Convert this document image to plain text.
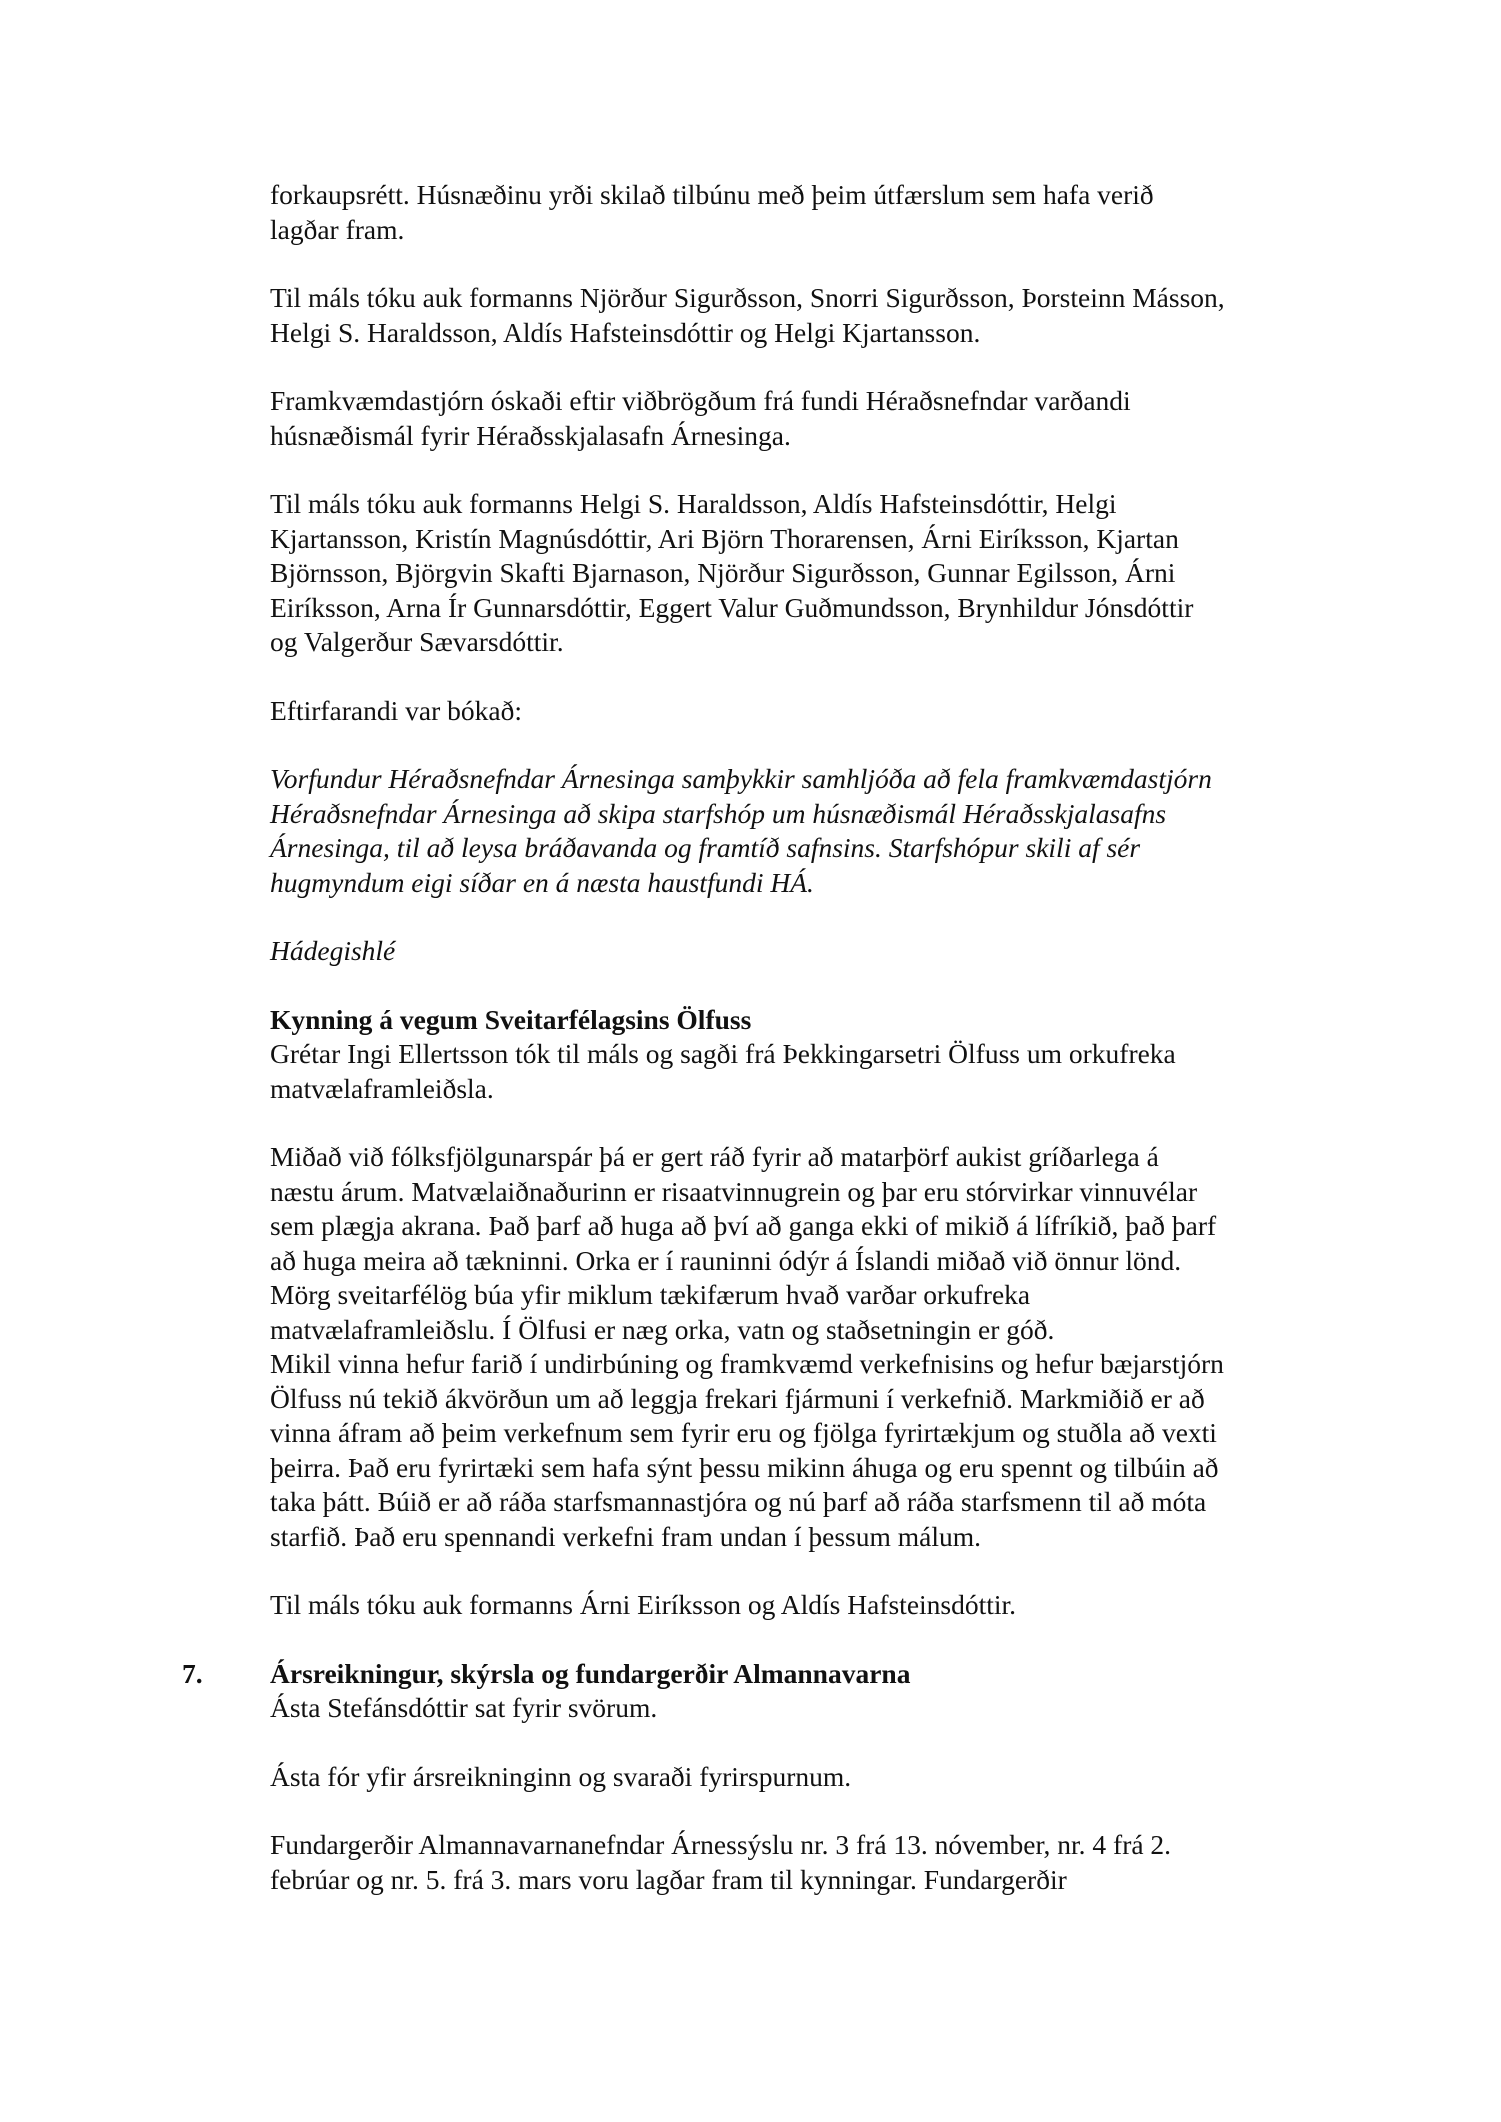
forkaupsrétt. Húsnæðinu yrði skilað tilbúnu með þeim útfærslum sem hafa verið
lagðar fram.
Til máls tóku auk formanns Njörður Sigurðsson, Snorri Sigurðsson, Þorsteinn Másson,
Helgi S. Haraldsson, Aldís Hafsteinsdóttir og Helgi Kjartansson.
Framkvæmdastjórn óskaði eftir viðbrögðum frá fundi Héraðsnefndar varðandi
húsnæðismál fyrir Héraðsskjalasafn Árnesinga.
Til máls tóku auk formanns Helgi S. Haraldsson, Aldís Hafsteinsdóttir, Helgi
Kjartansson, Kristín Magnúsdóttir, Ari Björn Thorarensen, Árni Eiríksson, Kjartan
Björnsson, Björgvin Skafti Bjarnason, Njörður Sigurðsson, Gunnar Egilsson, Árni
Eiríksson, Arna Ír Gunnarsdóttir, Eggert Valur Guðmundsson, Brynhildur Jónsdóttir
og Valgerður Sævarsdóttir.
Eftirfarandi var bókað:
Vorfundur Héraðsnefndar Árnesinga samþykkir samhljóða að fela framkvæmdastjórn
Héraðsnefndar Árnesinga að skipa starfshóp um húsnæðismál Héraðsskjalasafns
Árnesinga, til að leysa bráðavanda og framtíð safnsins. Starfshópur skili af sér
hugmyndum eigi síðar en á næsta haustfundi HÁ.
Hádegishlé
Kynning á vegum Sveitarfélagsins Ölfuss
Grétar Ingi Ellertsson tók til máls og sagði frá Þekkingarsetri Ölfuss um orkufreka
matvælaframleiðsla.
Miðað við fólksfjölgunarspár þá er gert ráð fyrir að matarþörf aukist gríðarlega á
næstu árum. Matvælaiðnaðurinn er risaatvinnugrein og þar eru stórvirkar vinnuvélar
sem plægja akrana. Það þarf að huga að því að ganga ekki of mikið á lífríkið, það þarf
að huga meira að tækninni. Orka er í rauninni ódýr á Íslandi miðað við önnur lönd.
Mörg sveitarfélög búa yfir miklum tækifærum hvað varðar orkufreka
matvælaframleiðslu. Í Ölfusi er næg orka, vatn og staðsetningin er góð.
Mikil vinna hefur farið í undirbúning og framkvæmd verkefnisins og hefur bæjarstjórn
Ölfuss nú tekið ákvörðun um að leggja frekari fjármuni í verkefnið. Markmiðið er að
vinna áfram að þeim verkefnum sem fyrir eru og fjölga fyrirtækjum og stuðla að vexti
þeirra. Það eru fyrirtæki sem hafa sýnt þessu mikinn áhuga og eru spennt og tilbúin að
taka þátt. Búið er að ráða starfsmannastjóra og nú þarf að ráða starfsmenn til að móta
starfið. Það eru spennandi verkefni fram undan í þessum málum.
Til máls tóku auk formanns Árni Eiríksson og Aldís Hafsteinsdóttir.
7. Ársreikningur, skýrsla og fundargerðir Almannavarna
Ásta Stefánsdóttir sat fyrir svörum.
Ásta fór yfir ársreikninginn og svaraði fyrirspurnum.
Fundargerðir Almannavarnanefndar Árnessýslu nr. 3 frá 13. nóvember, nr. 4 frá 2.
febrúar og nr. 5. frá 3. mars voru lagðar fram til kynningar. Fundargerðir
